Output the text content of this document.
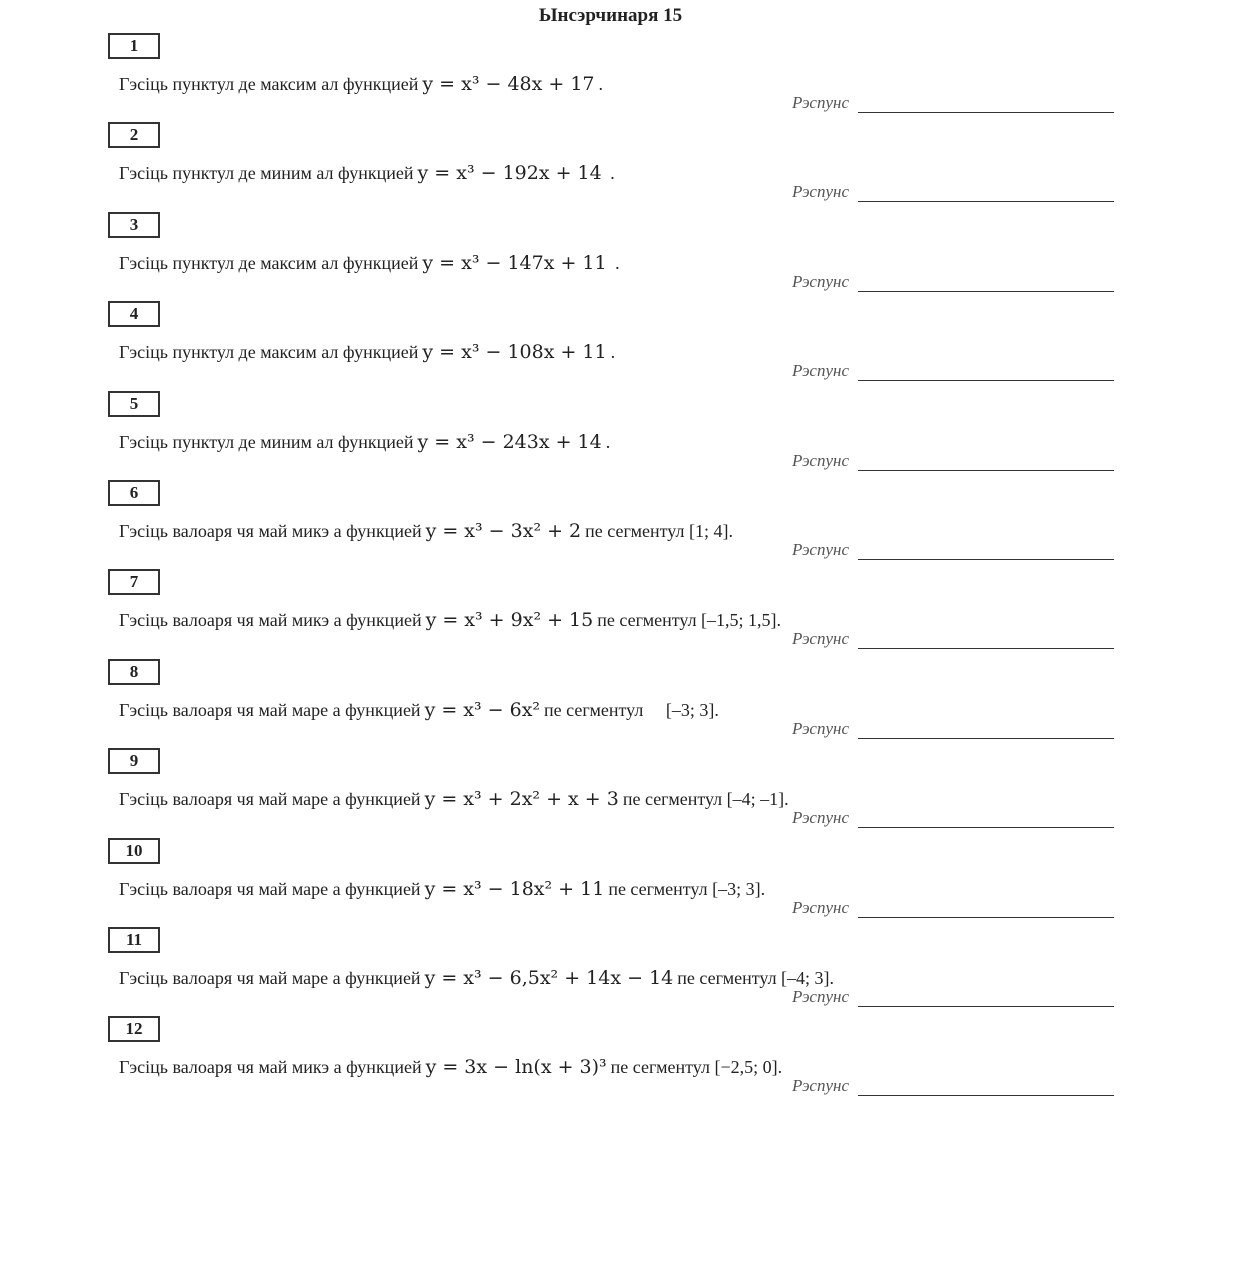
Ынсэрчинаря 15
1
Гэсiць пунктул де максим ал функцией y = x³ − 48x + 17 .
Рэспунс
2
Гэсiць пунктул де миним ал функцией y = x³ − 192x + 14 .
Рэспунс
3
Гэсiць пунктул де максим ал функцией y = x³ − 147x + 11 .
Рэспунс
4
Гэсiць пунктул де максим ал функцией y = x³ − 108x + 11 .
Рэспунс
5
Гэсiць пунктул де миним ал функцией y = x³ − 243x + 14 .
Рэспунс
6
Гэсiць валоаря чя май микэ а функцией y = x³ − 3x² + 2 пе сегментул [1; 4].
Рэспунс
7
Гэсiць валоаря чя май микэ а функцией y = x³ + 9x² + 15 пе сегментул [–1,5; 1,5].
Рэспунс
8
Гэсiць валоаря чя май маре а функцией y = x³ − 6x² пе сегментул     [–3; 3].
Рэспунс
9
Гэсiць валоаря чя май маре а функцией y = x³ + 2x² + x + 3 пе сегментул [–4; –1].
Рэспунс
10
Гэсiць валоаря чя май маре а функцией y = x³ − 18x² + 11 пе сегментул [–3; 3].
Рэспунс
11
Гэсiць валоаря чя май маре а функцией y = x³ − 6,5x² + 14x − 14 пе сегментул [–4; 3].
Рэспунс
12
Гэсiць валоаря чя май микэ а функцией y = 3x − ln(x + 3)³ пе сегментул [−2,5; 0].
Рэспунс
